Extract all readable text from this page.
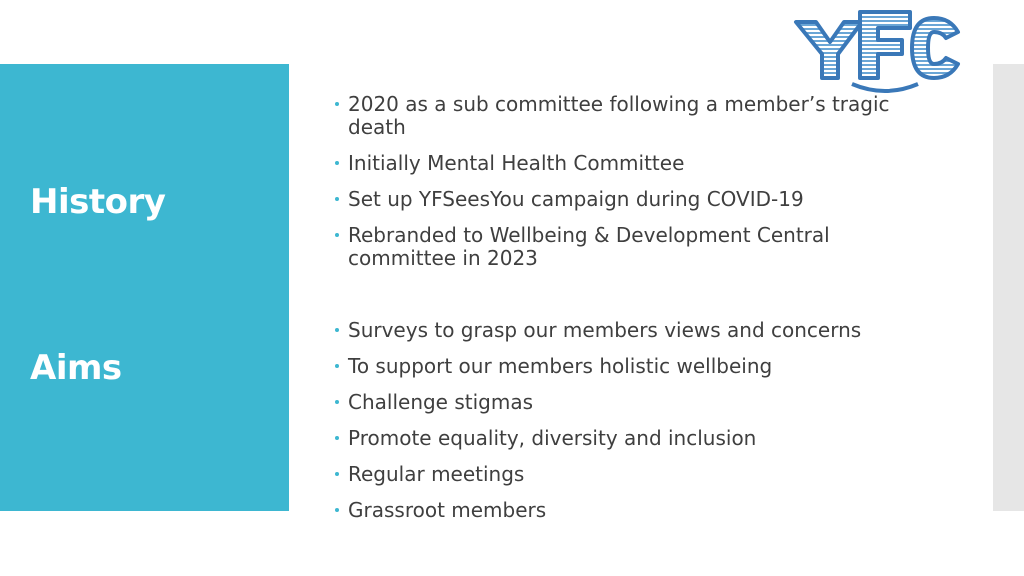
History
Aims
2020 as a sub committee following a member’s tragic death
Initially Mental Health Committee
Set up YFSeesYou campaign during COVID-19
Rebranded to Wellbeing & Development Central committee in 2023
Surveys to grasp our members views and concerns
To support our members holistic wellbeing
Challenge stigmas
Promote equality, diversity and inclusion
Regular meetings
Grassroot members
